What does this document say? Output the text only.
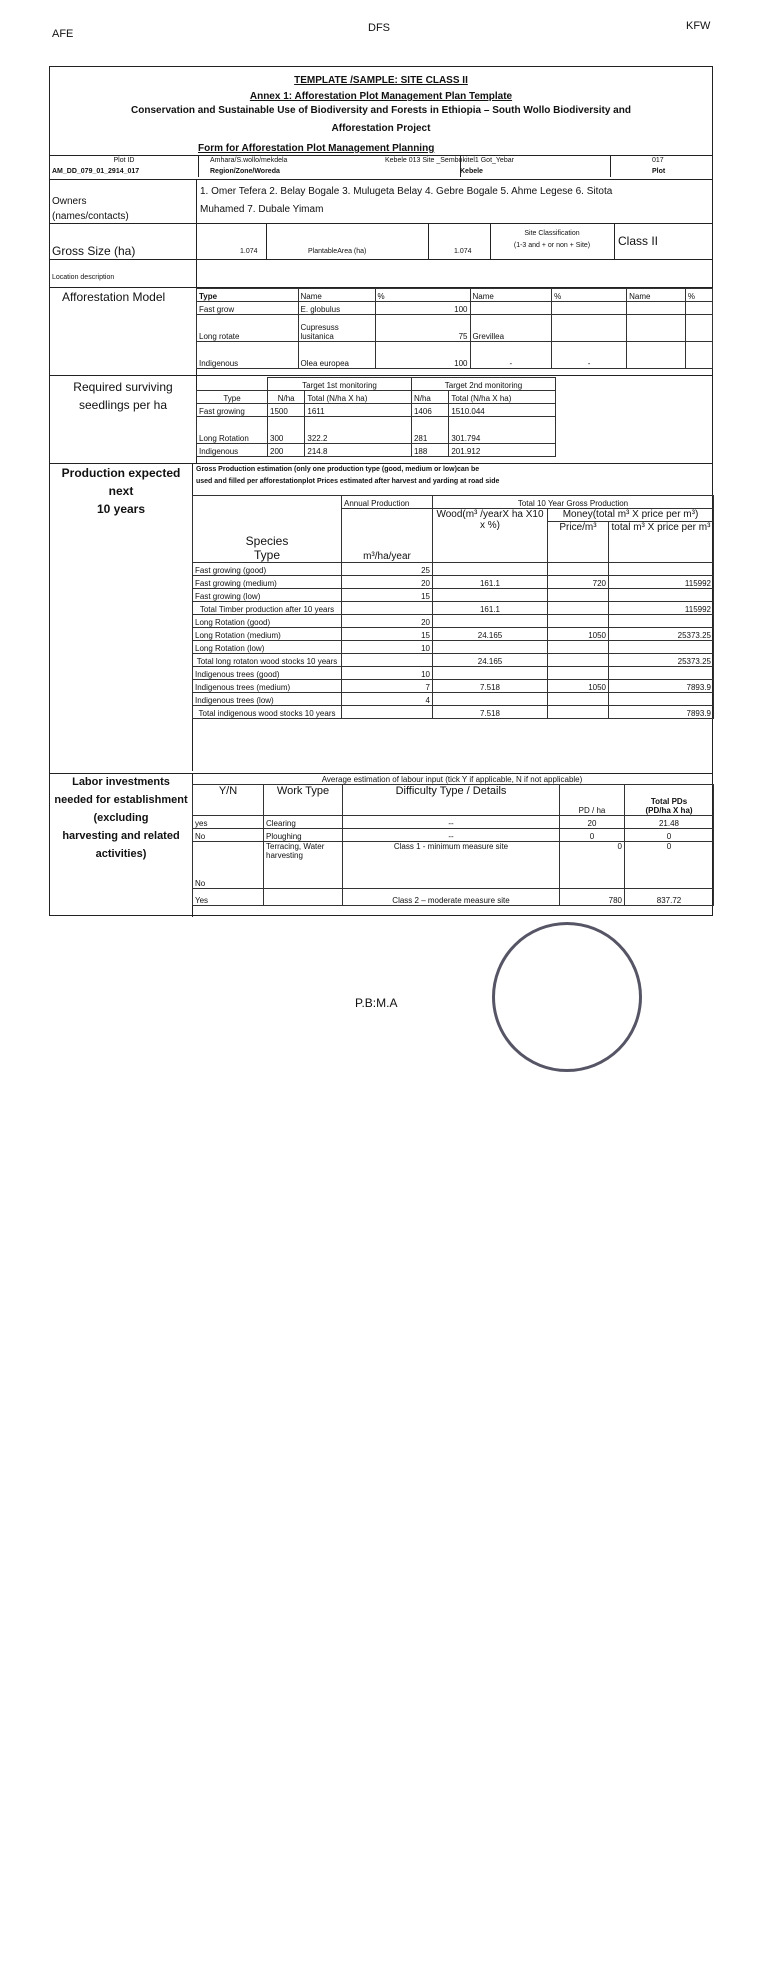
AFE	DFS	KFW
TEMPLATE /SAMPLE: SITE CLASS II
Annex 1: Afforestation Plot Management Plan Template
Conservation and Sustainable Use of Biodiversity and Forests in Ethiopia – South Wollo Biodiversity and
Afforestation Project
Form for Afforestation Plot Management Planning
Plot ID
AM_DD_079_01_2914_017
Amhara/S.wollo/mekdela
Region/Zone/Woreda
Kebele 013 Site _Sembokitel1 Got_Yebar
Kebele
017
Plot
Owners
(names/contacts)
1. Omer Tefera 2. Belay Bogale 3. Mulugeta Belay 4. Gebre Bogale 5. Ahme Legese 6. Sitota
Muhamed 7. Dubale Yimam
Gross Size (ha)	1.074	PlantableArea (ha)	1.074
Site Classification
(1-3 and + or non + Site)	Class II
Location description
Afforestation Model	Type	Name	%	Name	%	Name	%
Fast grow	E. globulus	100				
Long rotate	Cupresuss lusitanica	75	Grevillea			
Indigenous	Olea europea	100	-	-		
Required surviving
seedlings per ha
	Target 1st monitoring		Target 2nd monitoring	
Type	N/ha	Total (N/ha X ha)	N/ha	Total (N/ha X ha)
Fast growing	1500	1611	1406	1510.044
Long Rotation	300	322.2	281	301.794
Indigenous	200	214.8	188	201.912
Production expected
next
10 years
Gross Production estimation (only one production type (good, medium or low)can be
used and filled per afforestationplot Prices estimated after harvest and yarding at road side
Species
Type	Annual Production	Total 10 Year Gross Production		
	m³/ha/year	Wood(m³ /yearX ha X10 x %)	Money(total m³ X price per m³)	
			Price/m³	total m³ X price per m³
Fast growing (good)	25			
Fast growing (medium)	20	161.1	720	115992
Fast growing (low)	15			
Total Timber production after 10 years		161.1		115992
Long Rotation (good)	20			
Long Rotation (medium)	15	24.165	1050	25373.25
Long Rotation (low)	10			
Total long rotaton wood stocks 10 years		24.165		25373.25
Indigenous trees (good)	10			
Indigenous trees (medium)	7	7.518	1050	7893.9
Indigenous trees (low)	4			
Total indigenous wood stocks 10 years		7.518		7893.9
Labor investments
needed for establishment
(excluding
harvesting and related
activities)
Average estimation of labour input (tick Y if applicable, N if not applicable)
Y/N	Work Type	Difficulty Type / Details	PD / ha	Total PDs
(PD/ha X ha)

yes	Clearing	--	20	21.48
No	Ploughing	--	0	0
No	Terracing, Water harvesting	Class 1 - minimum measure site	0	0
Yes		Class 2 – moderate measure site	780	837.72
P.B:M.A
